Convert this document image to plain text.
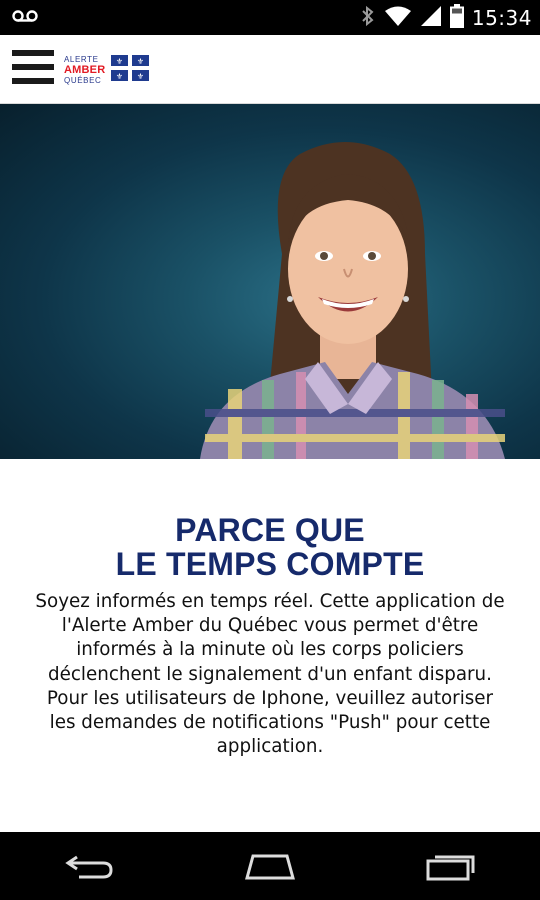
15:34
ALERTE
AMBER
QUÉBEC
⚜ ⚜
⚜ ⚜
PARCE QUE
LE TEMPS COMPTE
Soyez informés en temps réel. Cette application de
l'Alerte Amber du Québec vous permet d'être
informés à la minute où les corps policiers
déclenchent le signalement d'un enfant disparu.
Pour les utilisateurs de Iphone, veuillez autoriser
les demandes de notifications "Push" pour cette
application.
